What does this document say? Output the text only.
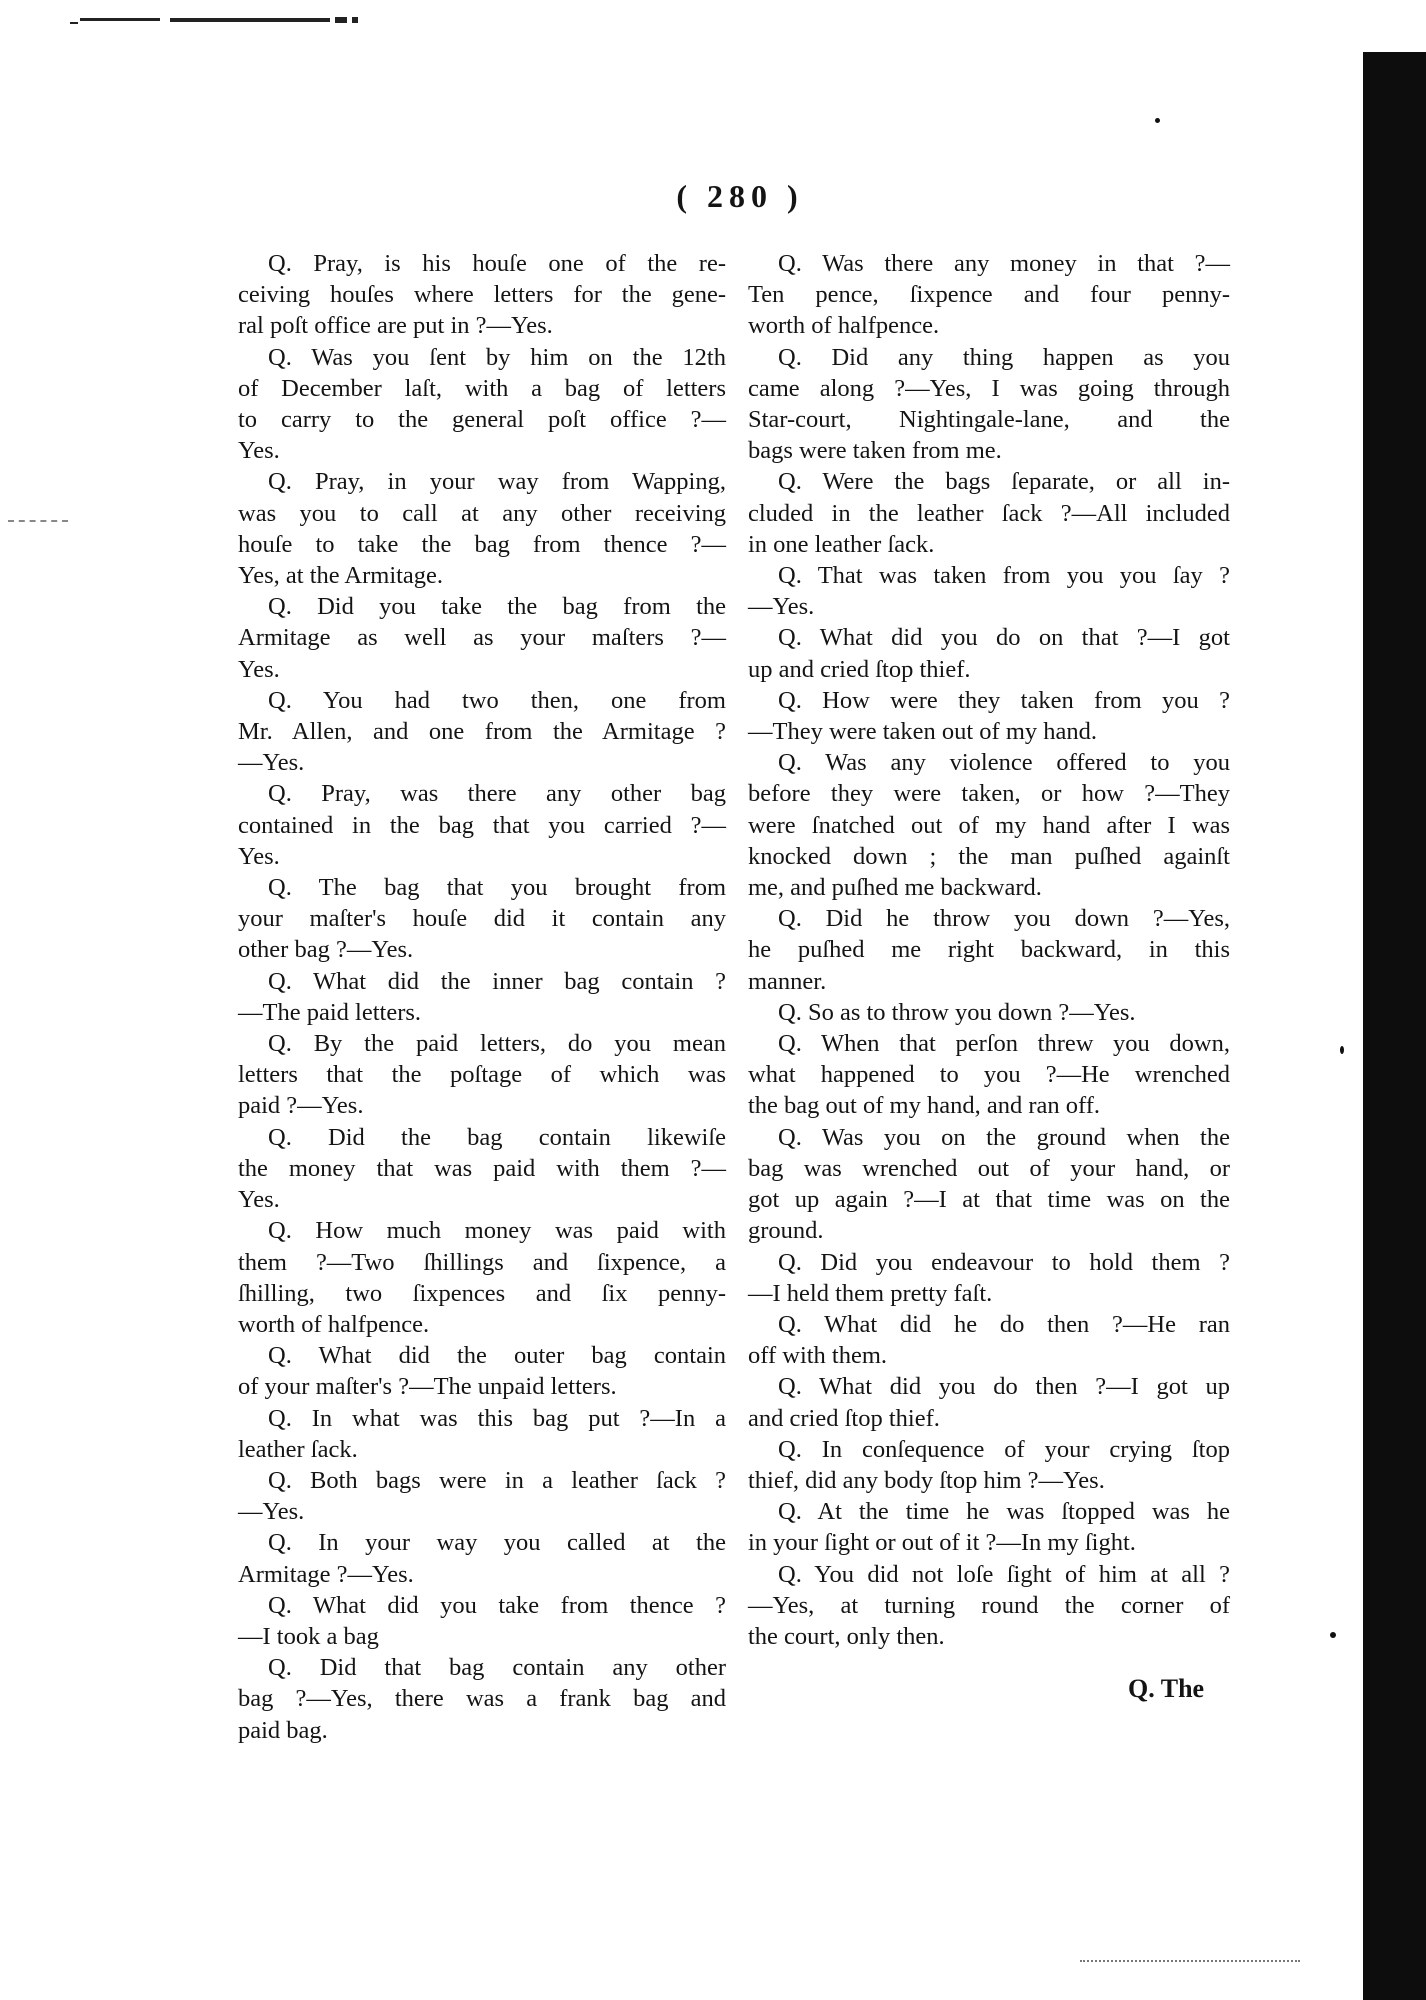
( 280 )
Q. Pray, is his houſe one of the re-
ceiving houſes where letters for the gene-
ral poſt office are put in ?—Yes.
Q. Was you ſent by him on the 12th
of December laſt, with a bag of letters
to carry to the general poſt office ?—
Yes.
Q. Pray, in your way from Wapping,
was you to call at any other receiving
houſe to take the bag from thence ?—
Yes, at the Armitage.
Q. Did you take the bag from the
Armitage as well as your maſters ?—
Yes.
Q. You had two then, one from
Mr. Allen, and one from the Armitage ?
—Yes.
Q. Pray, was there any other bag
contained in the bag that you carried ?—
Yes.
Q. The bag that you brought from
your maſter's houſe did it contain any
other bag ?—Yes.
Q. What did the inner bag contain ?
—The paid letters.
Q. By the paid letters, do you mean
letters that the poſtage of which was
paid ?—Yes.
Q. Did the bag contain likewiſe
the money that was paid with them ?—
Yes.
Q. How much money was paid with
them ?—Two ſhillings and ſixpence, a
ſhilling, two ſixpences and ſix penny-
worth of halfpence.
Q. What did the outer bag contain
of your maſter's ?—The unpaid letters.
Q. In what was this bag put ?—In a
leather ſack.
Q. Both bags were in a leather ſack ?
—Yes.
Q. In your way you called at the
Armitage ?—Yes.
Q. What did you take from thence ?
—I took a bag
Q. Did that bag contain any other
bag ?—Yes, there was a frank bag and
paid bag.
Q. Was there any money in that ?—
Ten pence, ſixpence and four penny-
worth of halfpence.
Q. Did any thing happen as you
came along ?—Yes, I was going through
Star-court, Nightingale-lane, and the
bags were taken from me.
Q. Were the bags ſeparate, or all in-
cluded in the leather ſack ?—All included
in one leather ſack.
Q. That was taken from you you ſay ?
—Yes.
Q. What did you do on that ?—I got
up and cried ſtop thief.
Q. How were they taken from you ?
—They were taken out of my hand.
Q. Was any violence offered to you
before they were taken, or how ?—They
were ſnatched out of my hand after I was
knocked down ; the man puſhed againſt
me, and puſhed me backward.
Q. Did he throw you down ?—Yes,
he puſhed me right backward, in this
manner.
Q. So as to throw you down ?—Yes.
Q. When that perſon threw you down,
what happened to you ?—He wrenched
the bag out of my hand, and ran off.
Q. Was you on the ground when the
bag was wrenched out of your hand, or
got up again ?—I at that time was on the
ground.
Q. Did you endeavour to hold them ?
—I held them pretty faſt.
Q. What did he do then ?—He ran
off with them.
Q. What did you do then ?—I got up
and cried ſtop thief.
Q. In conſequence of your crying ſtop
thief, did any body ſtop him ?—Yes.
Q. At the time he was ſtopped was he
in your ſight or out of it ?—In my ſight.
Q. You did not loſe ſight of him at all ?
—Yes, at turning round the corner of
the court, only then.
Q. The
